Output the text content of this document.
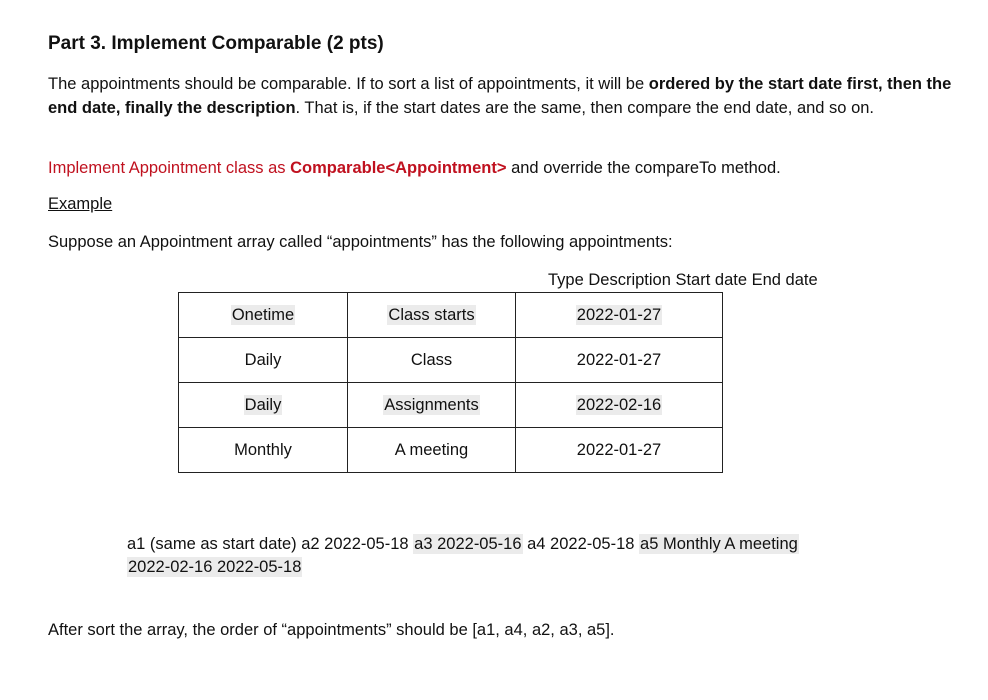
Part 3. Implement Comparable (2 pts)
The appointments should be comparable. If to sort a list of appointments, it will be ordered by the start date first, then the end date, finally the description. That is, if the start dates are the same, then compare the end date, and so on.
Implement Appointment class as Comparable<Appointment> and override the compareTo method.
Example
Suppose an Appointment array called “appointments” has the following appointments:
Type Description Start date End date
Onetime	Class starts	2022-01-27
Daily	Class	2022-01-27
Daily	Assignments	2022-02-16
Monthly	A meeting	2022-01-27
a1 (same as start date) a2 2022-05-18 a3 2022-05-16 a4 2022-05-18 a5 Monthly A meeting
2022-02-16 2022-05-18
After sort the array, the order of “appointments” should be [a1, a4, a2, a3, a5].
